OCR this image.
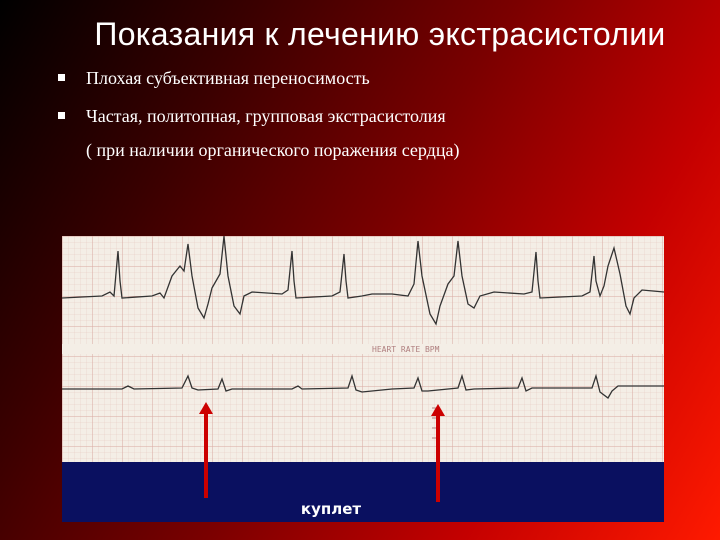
Показания к лечению экстрасистолии
Плохая субъективная переносимость
Частая, политопная, групповая экстрасистолия
( при наличии органического поражения сердца)
HEART RATE BPM
куплет
